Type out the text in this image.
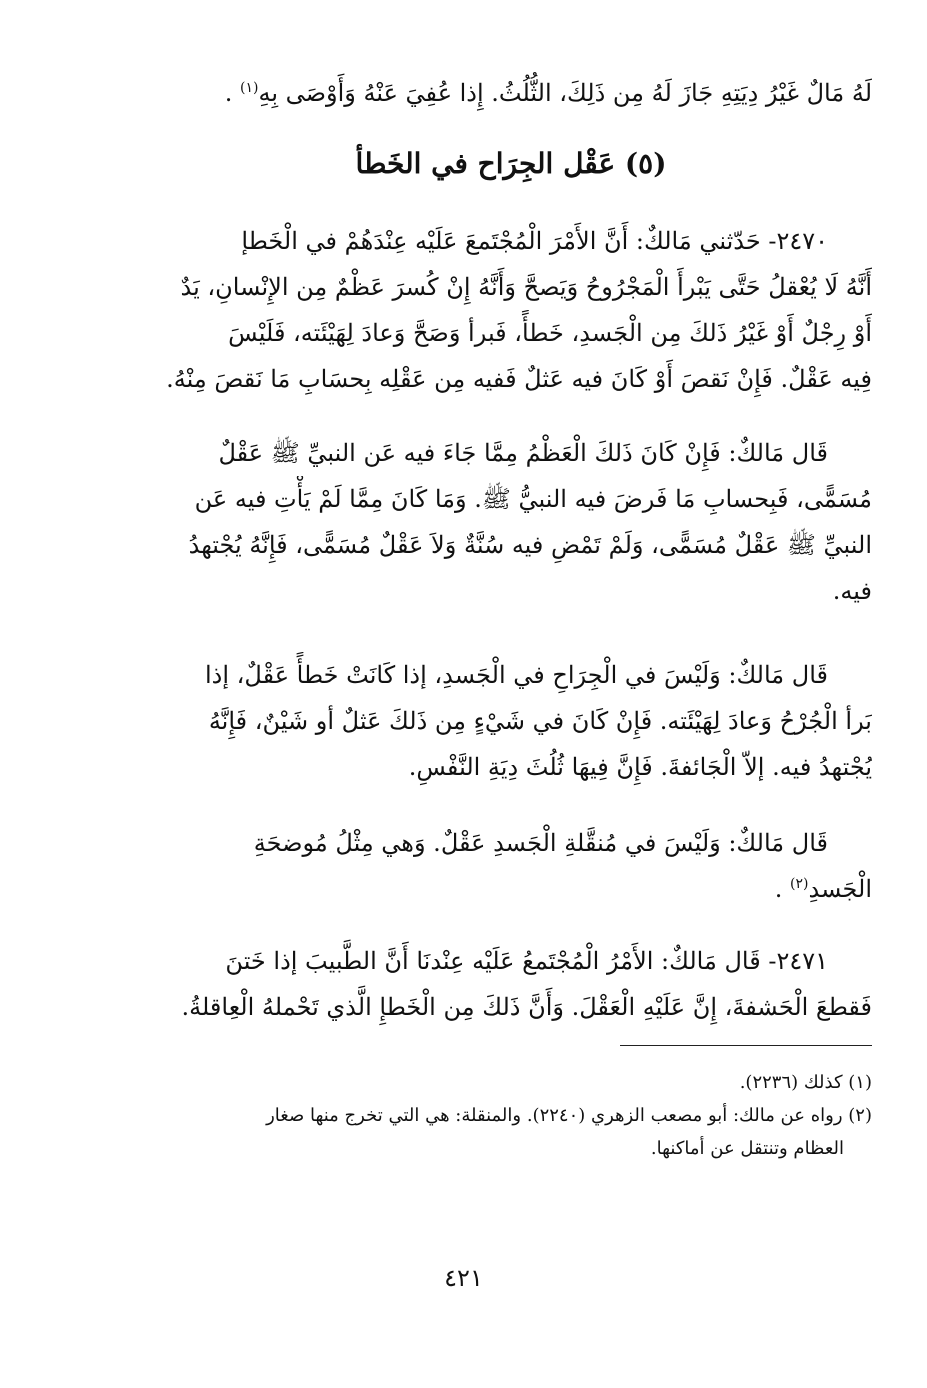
لَهُ مَالٌ غَيْرُ دِيَتِهِ جَازَ لَهُ مِن ذَلِكَ، الثُّلُثُ. إِذا عُفِيَ عَنْهُ وَأَوْصَى بِهِ$^{(١)}$ .
(٥) عَقْل الجِرَاح في الخَطأ
٢٤٧٠- حَدّثني مَالكٌ: أَنَّ الأَمْرَ الْمُجْتَمعَ عَلَيْه عِنْدَهُمْ في الْخَطإ
أَنَّهُ لَا يُعْقلُ حَتَّى يَبْرأَ الْمَجْرُوحُ وَيَصحَّ وَأَنَّهُ إِنْ كُسرَ عَظْمٌ مِن الإِنْسانِ، يَدٌ
أَوْ رِجْلٌ أَوْ غَيْرُ ذَلكَ مِن الْجَسدِ، خَطأً، فَبرأ وَصَحَّ وَعادَ لِهَيْئَته، فَلَيْسَ
فِيه عَقْلٌ. فَإِنْ نَقصَ أَوْ كَانَ فيه عَثلٌ فَفيه مِن عَقْلِه بِحسَابِ مَا نَقصَ مِنْهُ.
قَال مَالكٌ: فَإِنْ كَانَ ذَلكَ الْعَظْمُ مِمَّا جَاءَ فيه عَن النبيِّ ﷺ عَقْلٌ
مُسَمًّى، فَبِحسابِ مَا فَرضَ فيه النبيُّ ﷺ. وَمَا كَانَ مِمَّا لَمْ يَأْتِ فيه عَن
النبيِّ ﷺ عَقْلٌ مُسَمًّى، وَلَمْ تَمْضِ فيه سُنَّةٌ وَلاَ عَقْلٌ مُسَمًّى، فَإِنَّهُ يُجْتهدُ
فيه.
قَال مَالكٌ: وَلَيْسَ في الْجِرَاحِ في الْجَسدِ، إذا كَانَتْ خَطأً عَقْلٌ، إذا
بَرأ الْجُرْحُ وَعادَ لِهَيْئَته. فَإِنْ كَانَ في شَيْءٍ مِن ذَلكَ عَثلٌ أو شَيْنٌ، فَإِنَّهُ
يُجْتهدُ فيه. إلاّ الْجَائفةَ. فَإِنَّ فِيهَا ثُلُثَ دِيَةِ النَّفْسِ.
قَال مَالكٌ: وَلَيْسَ في مُنقَّلةِ الْجَسدِ عَقْلٌ. وَهي مِثْلُ مُوضحَةِ
الْجَسدِ$^{(٢)}$ .
٢٤٧١- قَال مَالكٌ: الأَمْرُ الْمُجْتَمعُ عَلَيْه عِنْدنَا أَنَّ الطَّبيبَ إذا خَتنَ
فَقطعَ الْحَشفةَ، إِنَّ عَلَيْهِ الْعَقْلَ. وَأَنَّ ذَلكَ مِن الْخَطإِ الَّذي تَحْملهُ الْعِاقلةُ.
(١) كذلك (٢٢٣٦).
(٢) رواه عن مالك: أبو مصعب الزهري (٢٢٤٠). والمنقلة: هي التي تخرج منها صغار
العظام وتنتقل عن أماكنها.
٤٢١
